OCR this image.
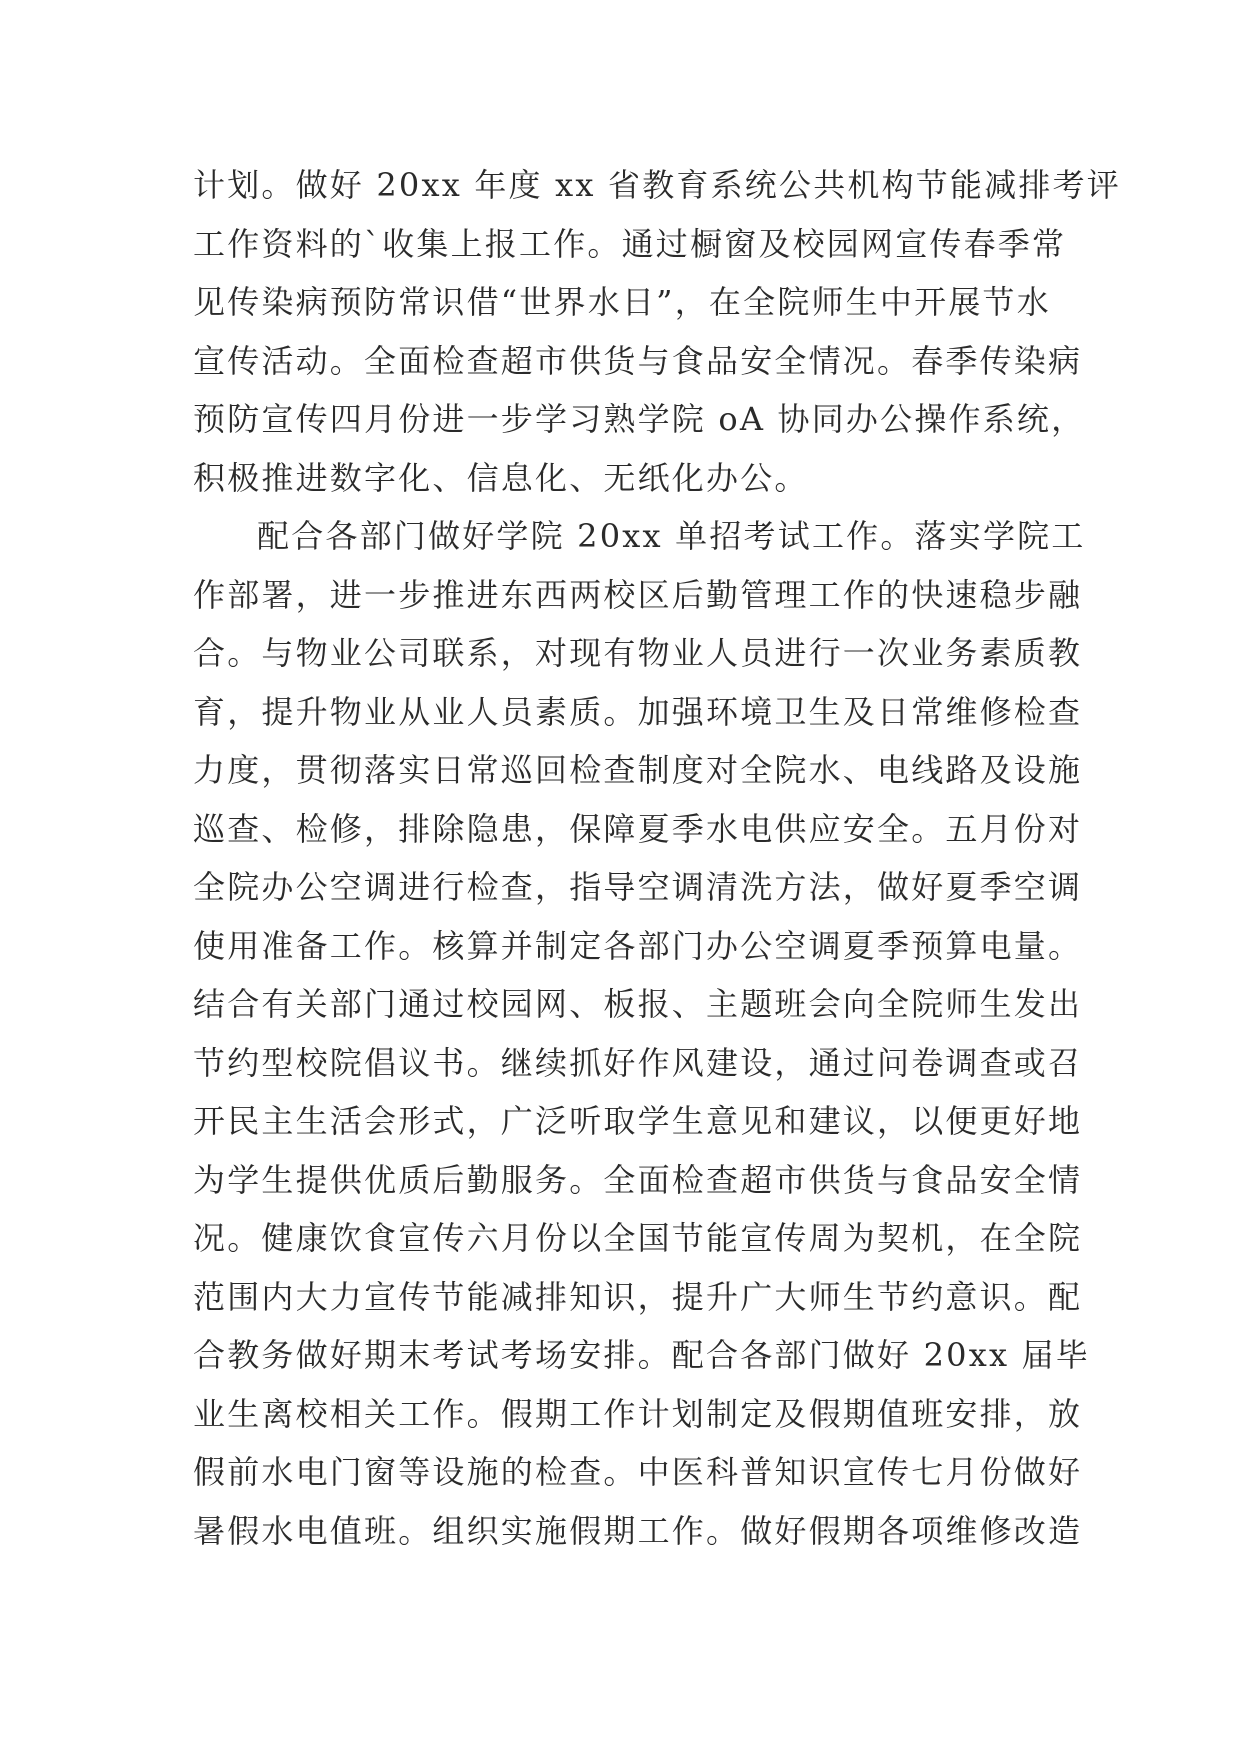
计划。做好 20xx 年度 xx 省教育系统公共机构节能减排考评
工作资料的`收集上报工作。通过橱窗及校园网宣传春季常
见传染病预防常识借“世界水日”，在全院师生中开展节水
宣传活动。全面检查超市供货与食品安全情况。春季传染病
预防宣传四月份进一步学习熟学院 oA 协同办公操作系统，
积极推进数字化、信息化、无纸化办公。
配合各部门做好学院 20xx 单招考试工作。落实学院工
作部署，进一步推进东西两校区后勤管理工作的快速稳步融
合。与物业公司联系，对现有物业人员进行一次业务素质教
育，提升物业从业人员素质。加强环境卫生及日常维修检查
力度，贯彻落实日常巡回检查制度对全院水、电线路及设施
巡查、检修，排除隐患，保障夏季水电供应安全。五月份对
全院办公空调进行检查，指导空调清洗方法，做好夏季空调
使用准备工作。核算并制定各部门办公空调夏季预算电量。
结合有关部门通过校园网、板报、主题班会向全院师生发出
节约型校院倡议书。继续抓好作风建设，通过问卷调查或召
开民主生活会形式，广泛听取学生意见和建议，以便更好地
为学生提供优质后勤服务。全面检查超市供货与食品安全情
况。健康饮食宣传六月份以全国节能宣传周为契机，在全院
范围内大力宣传节能减排知识，提升广大师生节约意识。配
合教务做好期末考试考场安排。配合各部门做好 20xx 届毕
业生离校相关工作。假期工作计划制定及假期值班安排，放
假前水电门窗等设施的检查。中医科普知识宣传七月份做好
暑假水电值班。组织实施假期工作。做好假期各项维修改造
